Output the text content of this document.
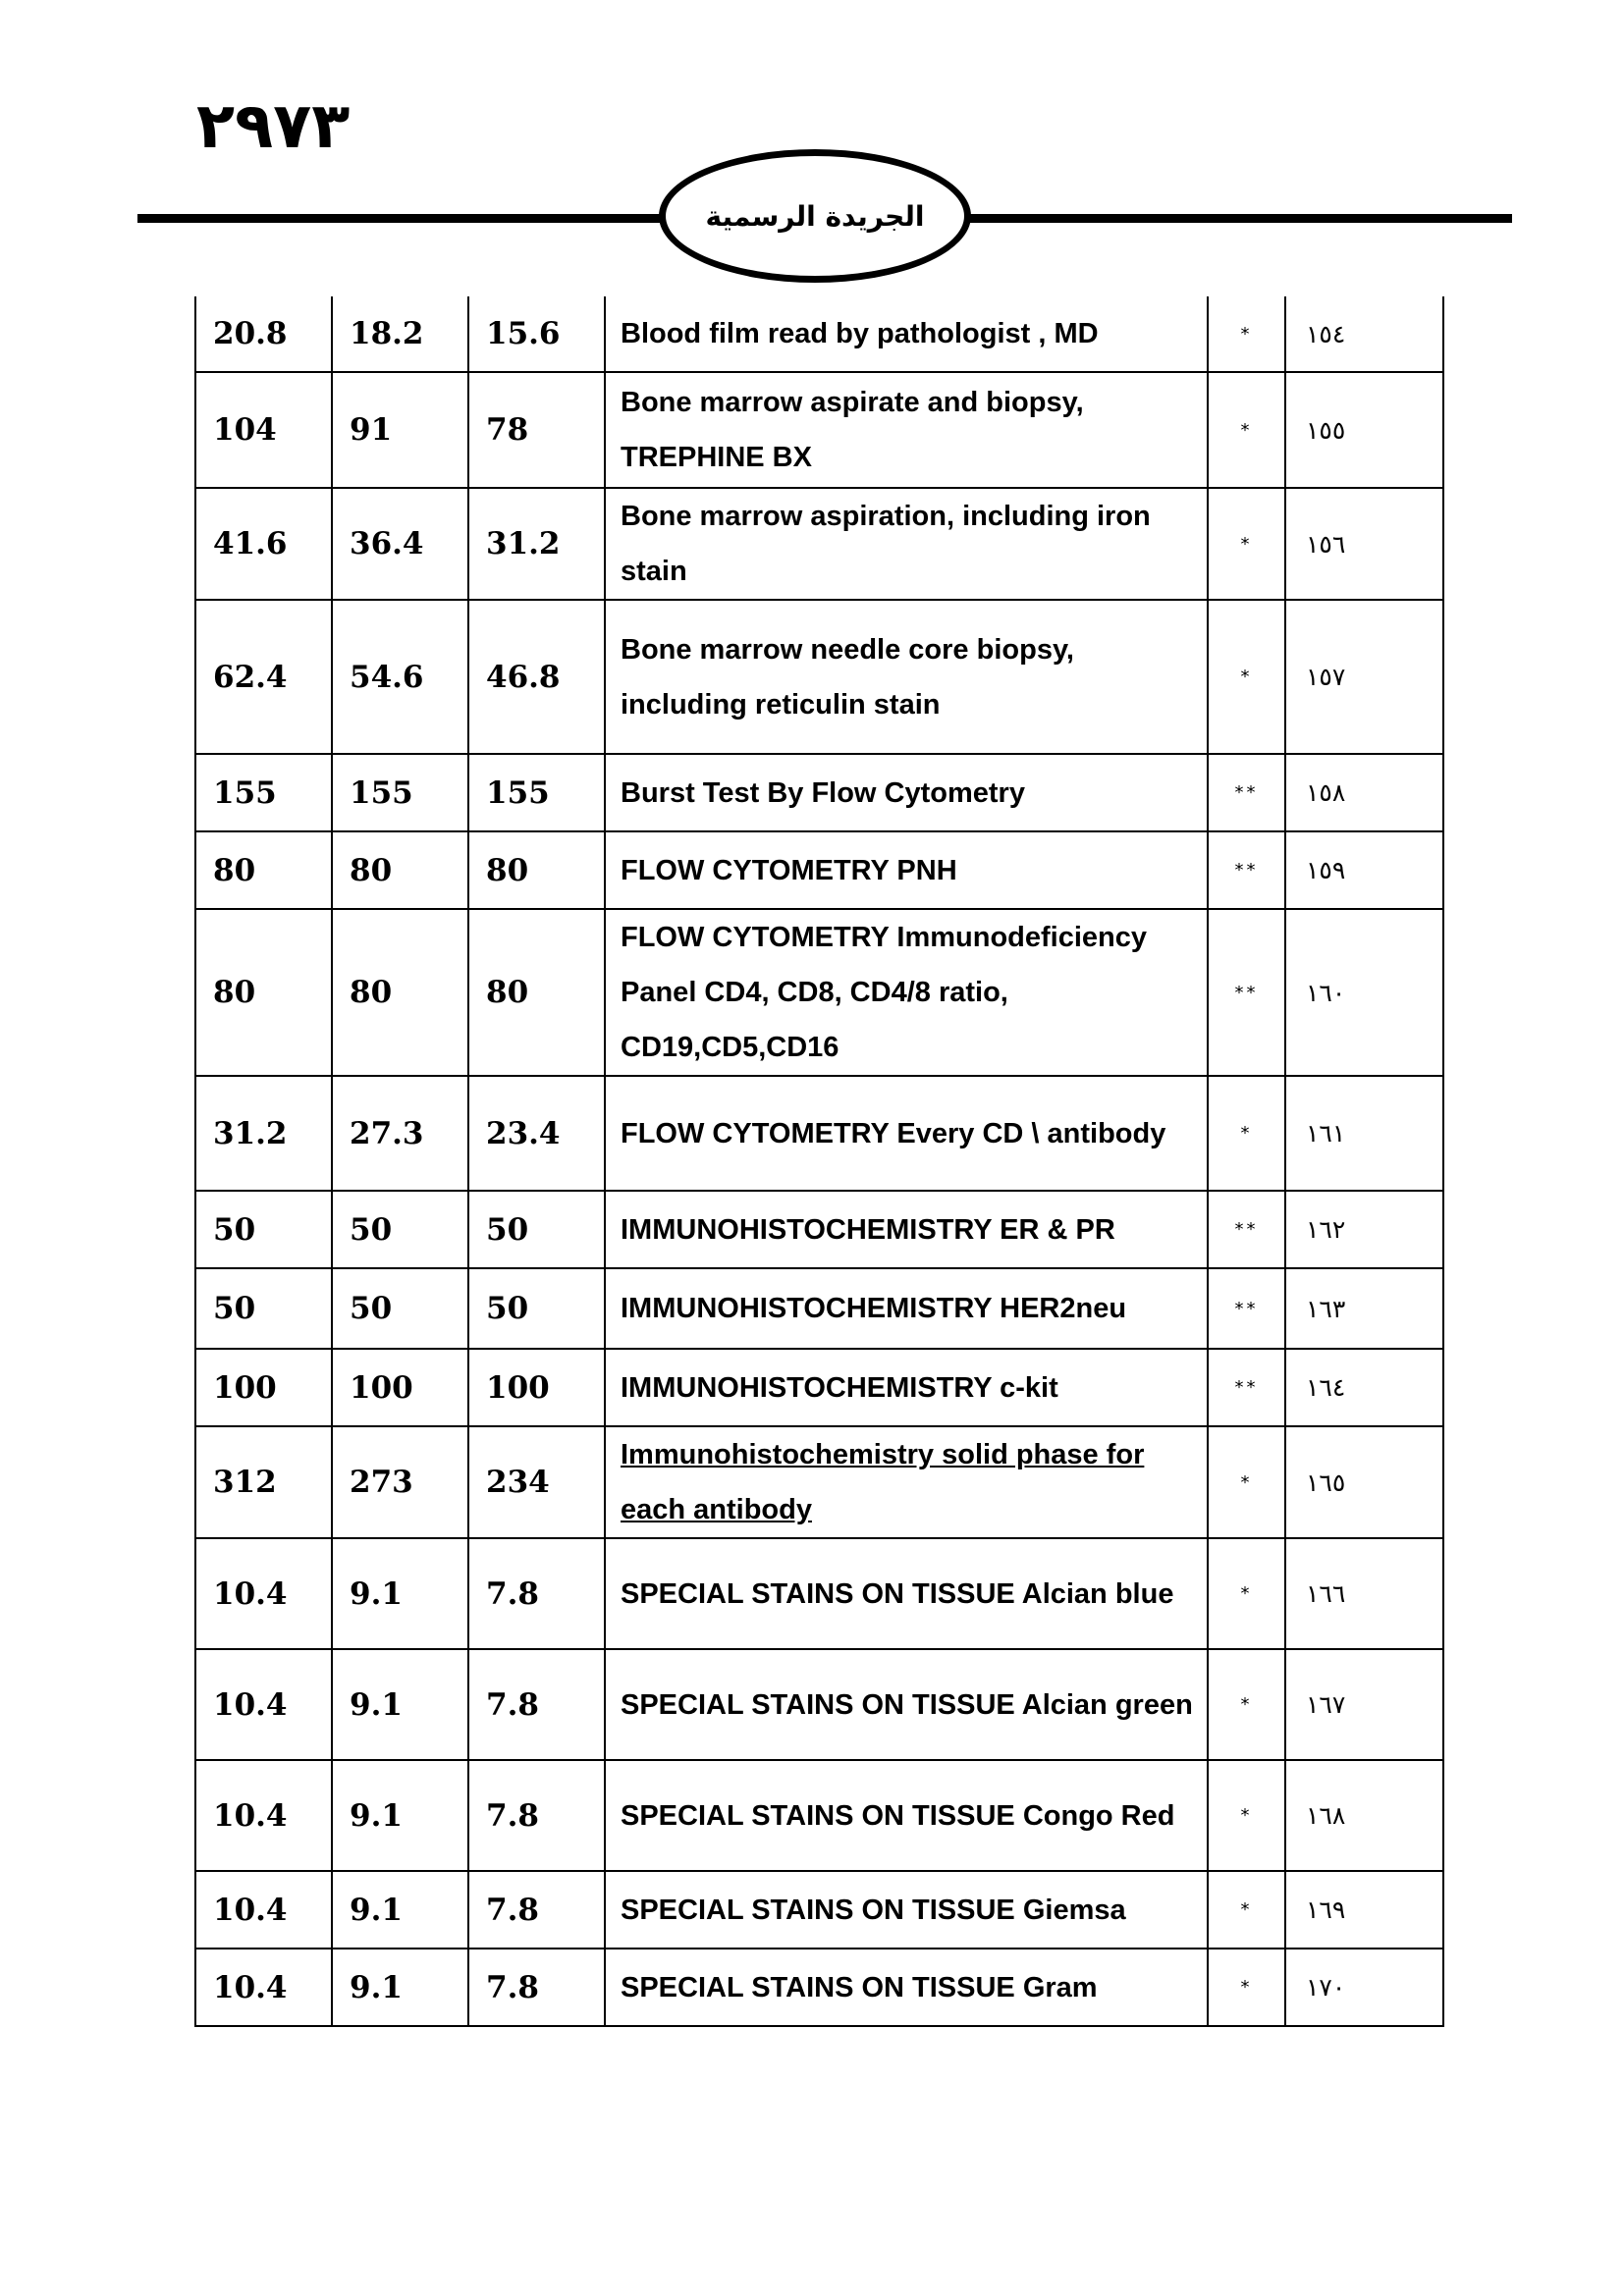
٢٩٧٣
الجريدة الرسمية
20.8	18.2	15.6	Blood film read by pathologist , MD	*	١٥٤
104	91	78	Bone marrow aspirate and biopsy, TREPHINE BX	*	١٥٥
41.6	36.4	31.2	Bone marrow aspiration, including iron stain	*	١٥٦
62.4	54.6	46.8	Bone marrow needle core biopsy, including reticulin stain	*	١٥٧
155	155	155	Burst Test By Flow Cytometry	**	١٥٨
80	80	80	FLOW CYTOMETRY PNH	**	١٥٩
80	80	80	FLOW CYTOMETRY Immunodeficiency Panel CD4, CD8, CD4/8 ratio, CD19,CD5,CD16	**	١٦٠
31.2	27.3	23.4	FLOW CYTOMETRY Every CD \ antibody	*	١٦١
50	50	50	IMMUNOHISTOCHEMISTRY ER & PR	**	١٦٢
50	50	50	IMMUNOHISTOCHEMISTRY HER2neu	**	١٦٣
100	100	100	IMMUNOHISTOCHEMISTRY c-kit	**	١٦٤
312	273	234	Immunohistochemistry solid phase for each antibody	*	١٦٥
10.4	9.1	7.8	SPECIAL STAINS ON TISSUE Alcian blue	*	١٦٦
10.4	9.1	7.8	SPECIAL STAINS ON TISSUE Alcian green	*	١٦٧
10.4	9.1	7.8	SPECIAL STAINS ON TISSUE Congo Red	*	١٦٨
10.4	9.1	7.8	SPECIAL STAINS ON TISSUE Giemsa	*	١٦٩
10.4	9.1	7.8	SPECIAL STAINS ON TISSUE Gram	*	١٧٠
